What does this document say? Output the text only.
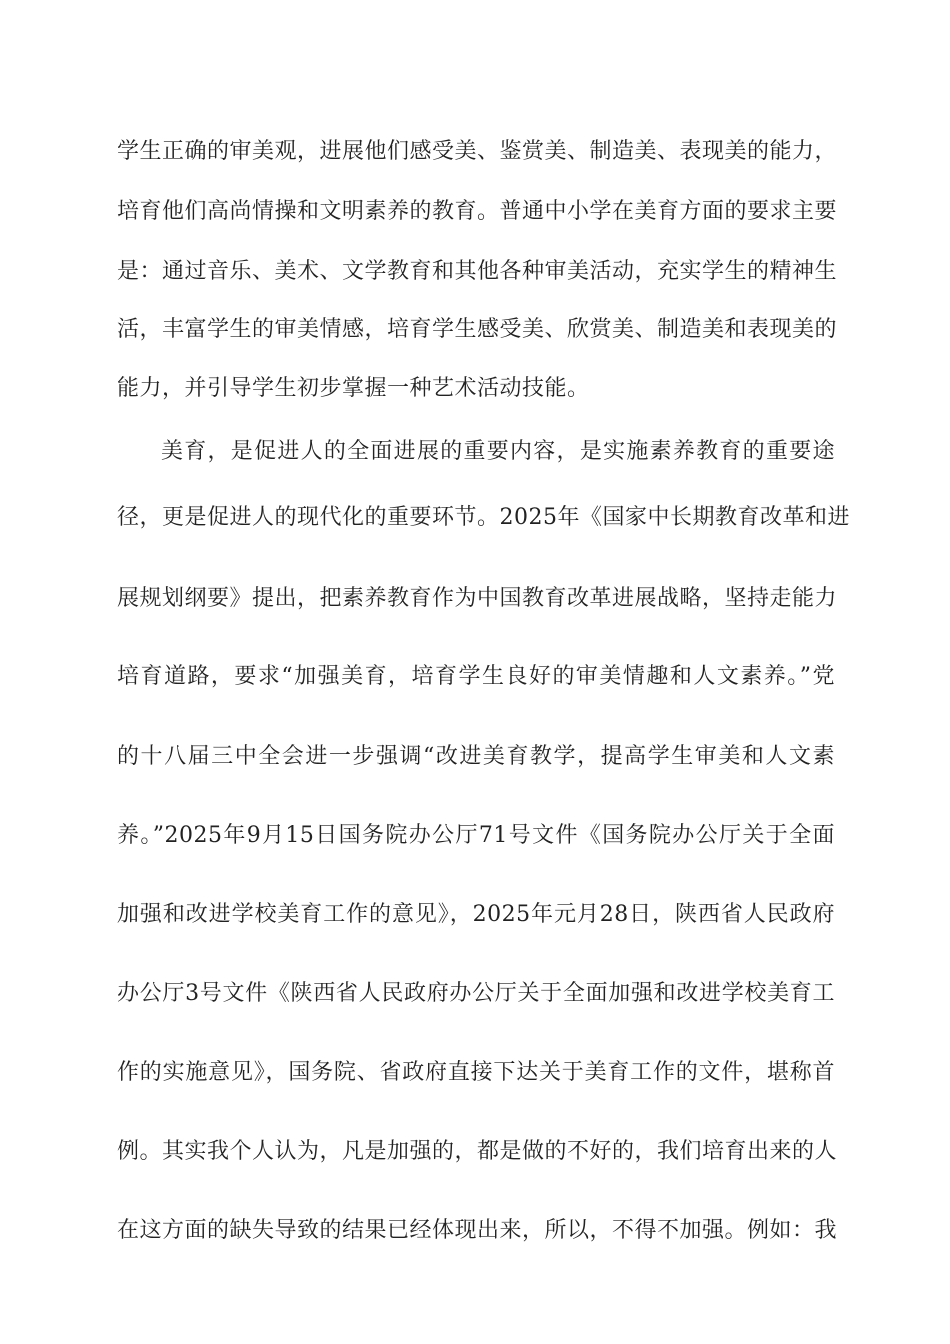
学生正确的审美观，进展他们感受美、鉴赏美、制造美、表现美的能力，
培育他们高尚情操和文明素养的教育。普通中小学在美育方面的要求主要
是：通过音乐、美术、文学教育和其他各种审美活动，充实学生的精神生
活，丰富学生的审美情感，培育学生感受美、欣赏美、制造美和表现美的
能力，并引导学生初步掌握一种艺术活动技能。
美育，是促进人的全面进展的重要内容，是实施素养教育的重要途
径，更是促进人的现代化的重要环节。2025年《国家中长期教育改革和进
展规划纲要》提出，把素养教育作为中国教育改革进展战略，坚持走能力
培育道路，要求“加强美育，培育学生良好的审美情趣和人文素养。”党
的十八届三中全会进一步强调“改进美育教学，提高学生审美和人文素
养。”2025年9月15日国务院办公厅71号文件《国务院办公厅关于全面
加强和改进学校美育工作的意见》，2025年元月28日，陕西省人民政府
办公厅3号文件《陕西省人民政府办公厅关于全面加强和改进学校美育工
作的实施意见》，国务院、省政府直接下达关于美育工作的文件，堪称首
例。其实我个人认为，凡是加强的，都是做的不好的，我们培育出来的人
在这方面的缺失导致的结果已经体现出来，所以，不得不加强。例如：我
